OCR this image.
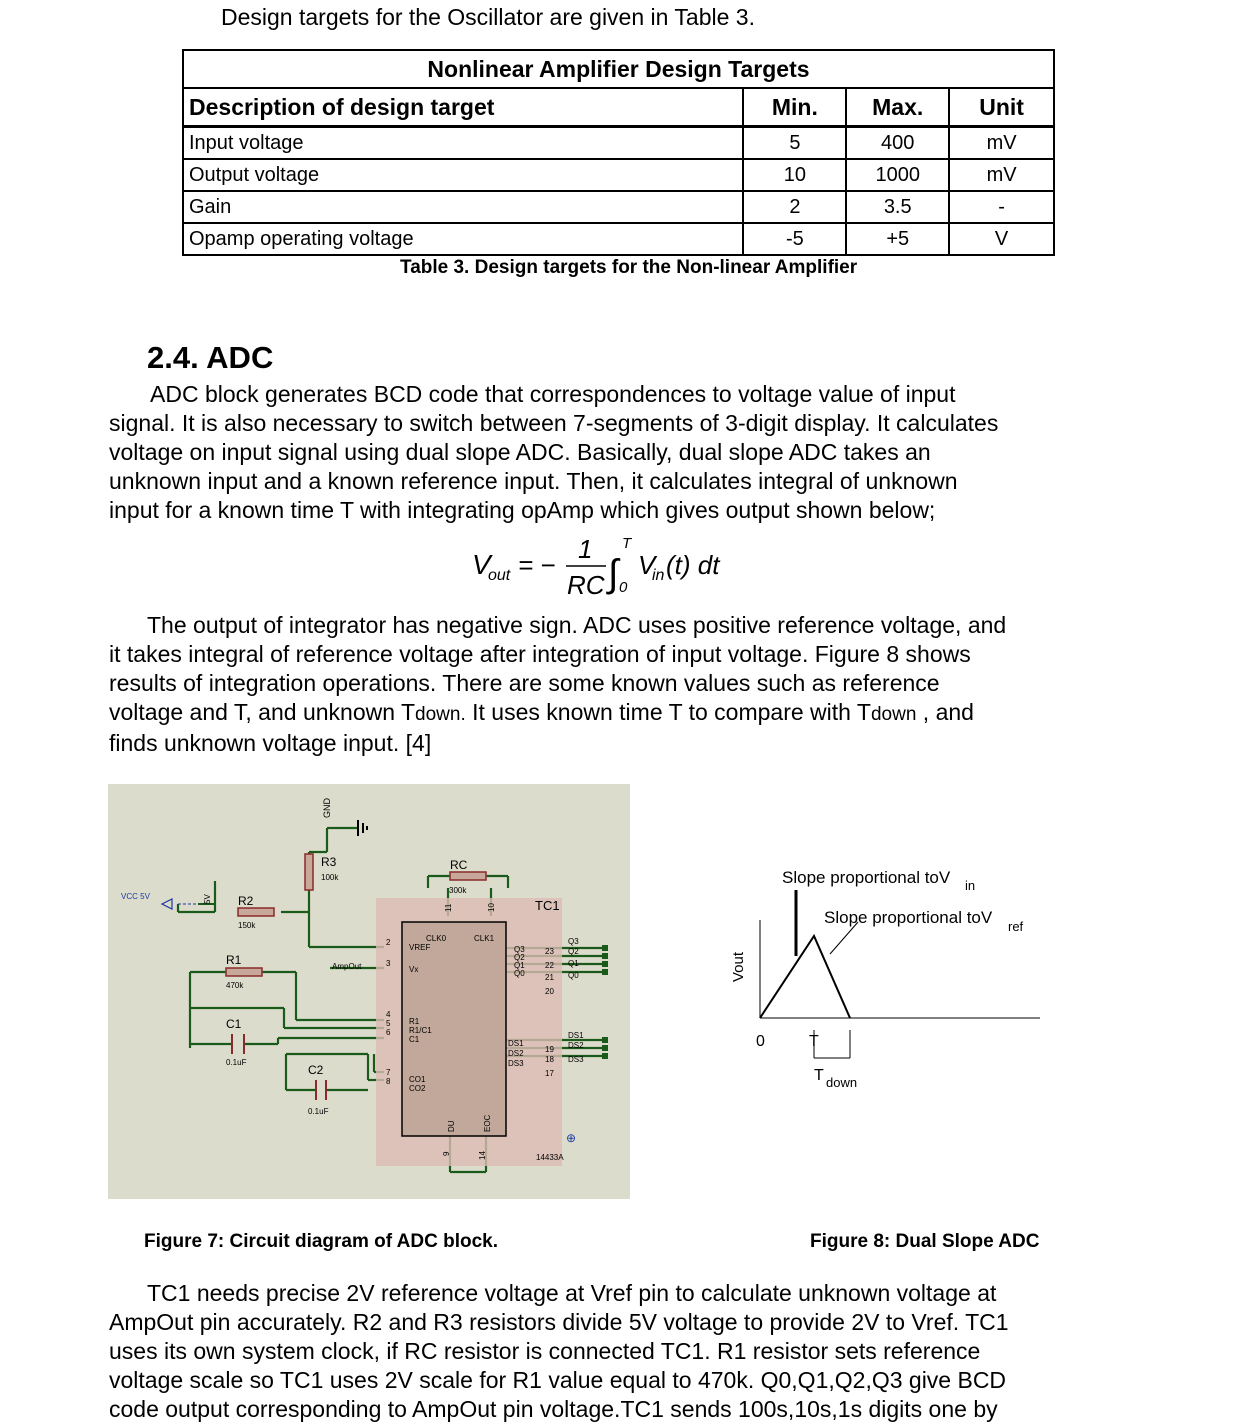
Design targets for the Oscillator are given in Table 3.
Nonlinear Amplifier Design Targets			
Description of design target	Min.	Max.	Unit
Input voltage	5	400	mV
Output voltage	10	1000	mV
Gain	2	3.5	-
Opamp operating voltage	-5	+5	V
Table 3. Design targets for the Non-linear Amplifier
2.4. ADC
ADC block generates BCD code that correspondences to voltage value of input
signal. It is also necessary to switch between 7-segments of 3-digit display. It calculates
voltage on input signal using dual slope ADC. Basically, dual slope ADC takes an
unknown input and a known reference input. Then, it calculates integral of unknown
input for a known time T with integrating opAmp which gives output shown below;
V
out = −
1
RC ∫
T
0
V
in (t) dt
The output of integrator has negative sign. ADC uses positive reference voltage, and
it takes integral of reference voltage after integration of input voltage. Figure 8 shows
results of integration operations. There are some known values such as reference
voltage and T, and unknown Tdown. It uses known time T to compare with Tdown , and
finds unknown voltage input. [4]
⊕
GND
R3
100k
RC
300k
VCC 5V	5V R2
150k
TC1
R1
470k
C1
0.1uF
C2
0.1uF
AmpOut
14433A
CLK0	CLK1
VREF
Vx
R1
R1/C1
C1
CO1
CO2
Q3
Q2
Q1
Q0
DS1
DS2
DS3
2
3
4
5
6
7
8
23
22
21
20
19
18
17
11	10
9	14
DU	EOC
Q3
Q2
Q1
Q0
DS1
DS2
DS3
Slope proportional toV in
Slope proportional toV ref
Vout
0	T
T down
Figure 7: Circuit diagram of ADC block.	Figure 8: Dual Slope ADC
TC1 needs precise 2V reference voltage at Vref pin to calculate unknown voltage at
AmpOut pin accurately. R2 and R3 resistors divide 5V voltage to provide 2V to Vref. TC1
uses its own system clock, if RC resistor is connected TC1. R1 resistor sets reference
voltage scale so TC1 uses 2V scale for R1 value equal to 470k. Q0,Q1,Q2,Q3 give BCD
code output corresponding to AmpOut pin voltage.TC1 sends 100s,10s,1s digits one by
